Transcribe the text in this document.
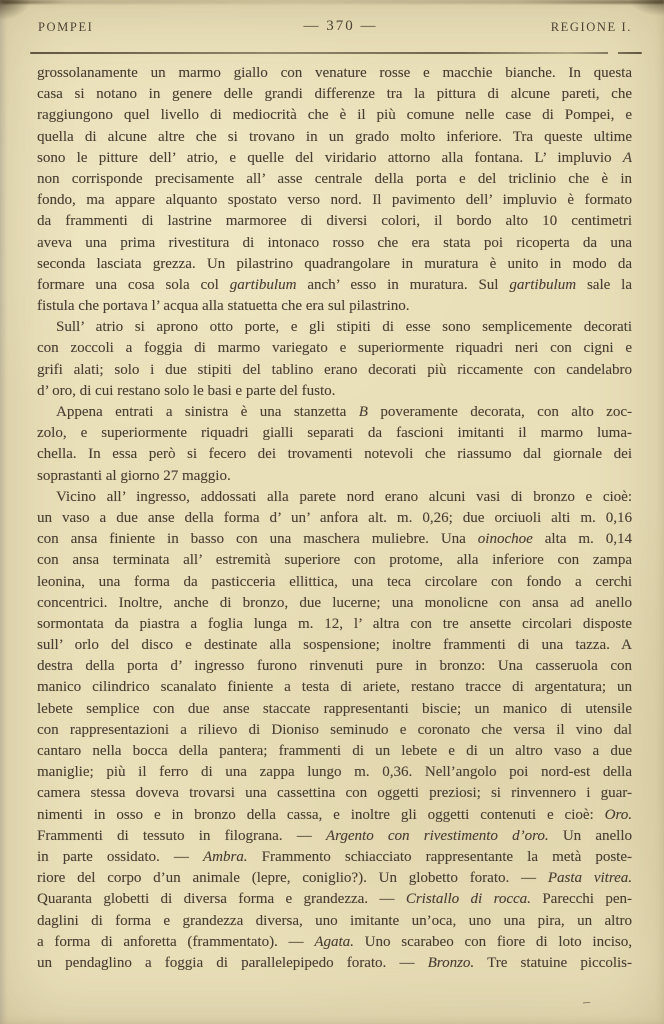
POMPEI	— 370 —	REGIONE I.
grossolanamente un marmo giallo con venature rosse e macchie bianche. In questa
casa si notano in genere delle grandi differenze tra la pittura di alcune pareti, che
raggiungono quel livello di mediocrità che è il più comune nelle case di Pompei, e
quella di alcune altre che si trovano in un grado molto inferiore. Tra queste ultime
sono le pitture dell’ atrio, e quelle del viridario attorno alla fontana. L’ impluvio A
non corrisponde precisamente all’ asse centrale della porta e del triclinio che è in
fondo, ma appare alquanto spostato verso nord. Il pavimento dell’ impluvio è formato
da frammenti di lastrine marmoree di diversi colori, il bordo alto 10 centimetri
aveva una prima rivestitura di intonaco rosso che era stata poi ricoperta da una
seconda lasciata grezza. Un pilastrino quadrangolare in muratura è unito in modo da
formare una cosa sola col gartibulum anch’ esso in muratura. Sul gartibulum sale la
fistula che portava l’ acqua alla statuetta che era sul pilastrino.
Sull’ atrio si aprono otto porte, e gli stipiti di esse sono semplicemente decorati
con zoccoli a foggia di marmo variegato e superiormente riquadri neri con cigni e
grifi alati; solo i due stipiti del tablino erano decorati più riccamente con candelabro
d’ oro, di cui restano solo le basi e parte del fusto.
Appena entrati a sinistra è una stanzetta B poveramente decorata, con alto zoc-
zolo, e superiormente riquadri gialli separati da fascioni imitanti il marmo luma-
chella. In essa però si fecero dei trovamenti notevoli che riassumo dal giornale dei
soprastanti al giorno 27 maggio.
Vicino all’ ingresso, addossati alla parete nord erano alcuni vasi di bronzo e cioè:
un vaso a due anse della forma d’ un’ anfora alt. m. 0,26; due orciuoli alti m. 0,16
con ansa finiente in basso con una maschera muliebre. Una oinochoe alta m. 0,14
con ansa terminata all’ estremità superiore con protome, alla inferiore con zampa
leonina, una forma da pasticceria ellittica, una teca circolare con fondo a cerchi
concentrici. Inoltre, anche di bronzo, due lucerne; una monolicne con ansa ad anello
sormontata da piastra a foglia lunga m. 12, l’ altra con tre ansette circolari disposte
sull’ orlo del disco e destinate alla sospensione; inoltre frammenti di una tazza. A
destra della porta d’ ingresso furono rinvenuti pure in bronzo: Una casseruola con
manico cilindrico scanalato finiente a testa di ariete, restano tracce di argentatura; un
lebete semplice con due anse staccate rappresentanti biscie; un manico di utensile
con rappresentazioni a rilievo di Dioniso seminudo e coronato che versa il vino dal
cantaro nella bocca della pantera; frammenti di un lebete e di un altro vaso a due
maniglie; più il ferro di una zappa lungo m. 0,36. Nell’angolo poi nord-est della
camera stessa doveva trovarsi una cassettina con oggetti preziosi; si rinvennero i guar-
nimenti in osso e in bronzo della cassa, e inoltre gli oggetti contenuti e cioè: Oro.
Frammenti di tessuto in filograna. — Argento con rivestimento d’oro. Un anello
in parte ossidato. — Ambra. Frammento schiacciato rappresentante la metà poste-
riore del corpo d’un animale (lepre, coniglio?). Un globetto forato. — Pasta vitrea.
Quaranta globetti di diversa forma e grandezza. — Cristallo di rocca. Parecchi pen-
daglini di forma e grandezza diversa, uno imitante un’oca, uno una pira, un altro
a forma di anforetta (frammentato). — Agata. Uno scarabeo con fiore di loto inciso,
un pendaglino a foggia di parallelepipedo forato. — Bronzo. Tre statuine piccolis-
–
